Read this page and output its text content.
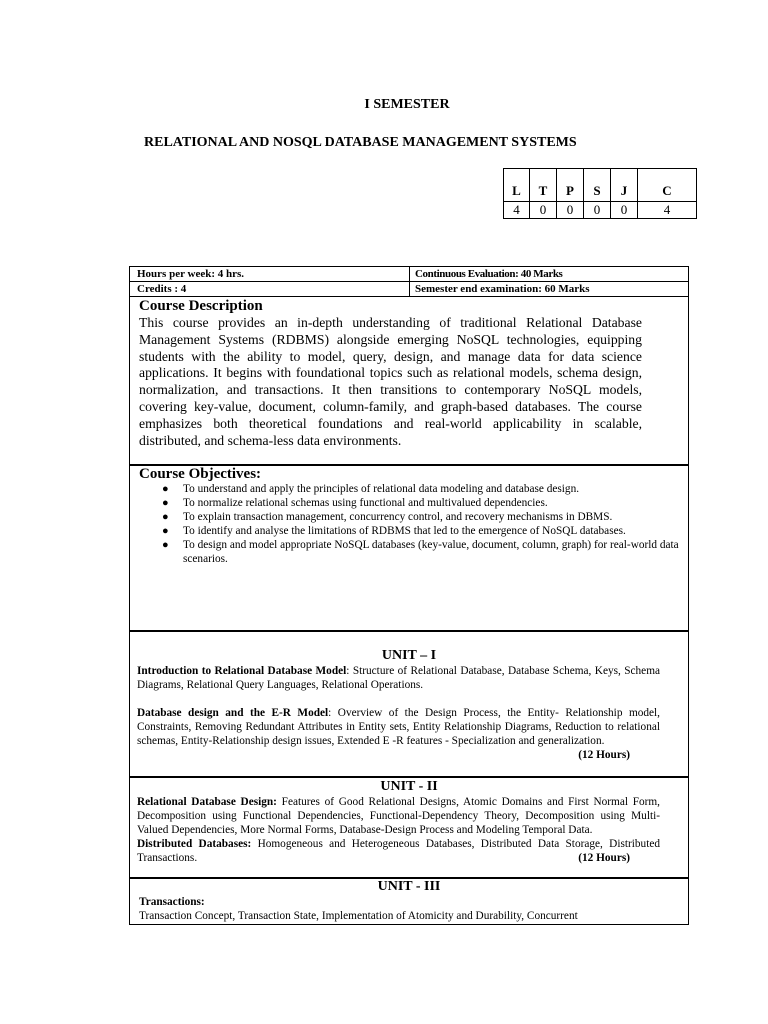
I SEMESTER
RELATIONAL AND NOSQL DATABASE MANAGEMENT SYSTEMS
L	T	P	S	J	C
4	0	0	0	0	4
Hours per week: 4 hrs.	Continuous Evaluation: 40 Marks
Credits : 4	Semester end examination: 60 Marks
Course Description

This course provides an in-depth understanding of traditional Relational Database Management Systems (RDBMS) alongside emerging NoSQL technologies, equipping students with the ability to model, query, design, and manage data for data science applications. It begins with foundational topics such as relational models, schema design, normalization, and transactions. It then transitions to contemporary NoSQL models, covering key-value, document, column-family, and graph-based databases. The course emphasizes both theoretical foundations and real-world applicability in scalable, distributed, and schema-less data environments.

Course Objectives:
● To understand and apply the principles of relational data modeling and database design.
● To normalize relational schemas using functional and multivalued dependencies.
● To explain transaction management, concurrency control, and recovery mechanisms in DBMS.
● To identify and analyse the limitations of RDBMS that led to the emergence of NoSQL databases.
● To design and model appropriate NoSQL databases (key-value, document, column, graph) for real-world data scenarios.
UNIT – I
Introduction to Relational Database Model: Structure of Relational Database, Database Schema, Keys, Schema Diagrams, Relational Query Languages, Relational Operations.
Database design and the E-R Model: Overview of the Design Process, the Entity- Relationship model, Constraints, Removing Redundant Attributes in Entity sets, Entity Relationship Diagrams, Reduction to relational schemas, Entity-Relationship design issues, Extended E -R features - Specialization and generalization.
(12 Hours)
UNIT - II
Relational Database Design: Features of Good Relational Designs, Atomic Domains and First Normal Form, Decomposition using Functional Dependencies, Functional-Dependency Theory, Decomposition using Multi-Valued Dependencies, More Normal Forms, Database-Design Process and Modeling Temporal Data.
Distributed Databases: Homogeneous and Heterogeneous Databases, Distributed Data Storage, Distributed Transactions.	(12 Hours)
UNIT - III
Transactions:
Transaction Concept, Transaction State, Implementation of Atomicity and Durability, Concurrent
